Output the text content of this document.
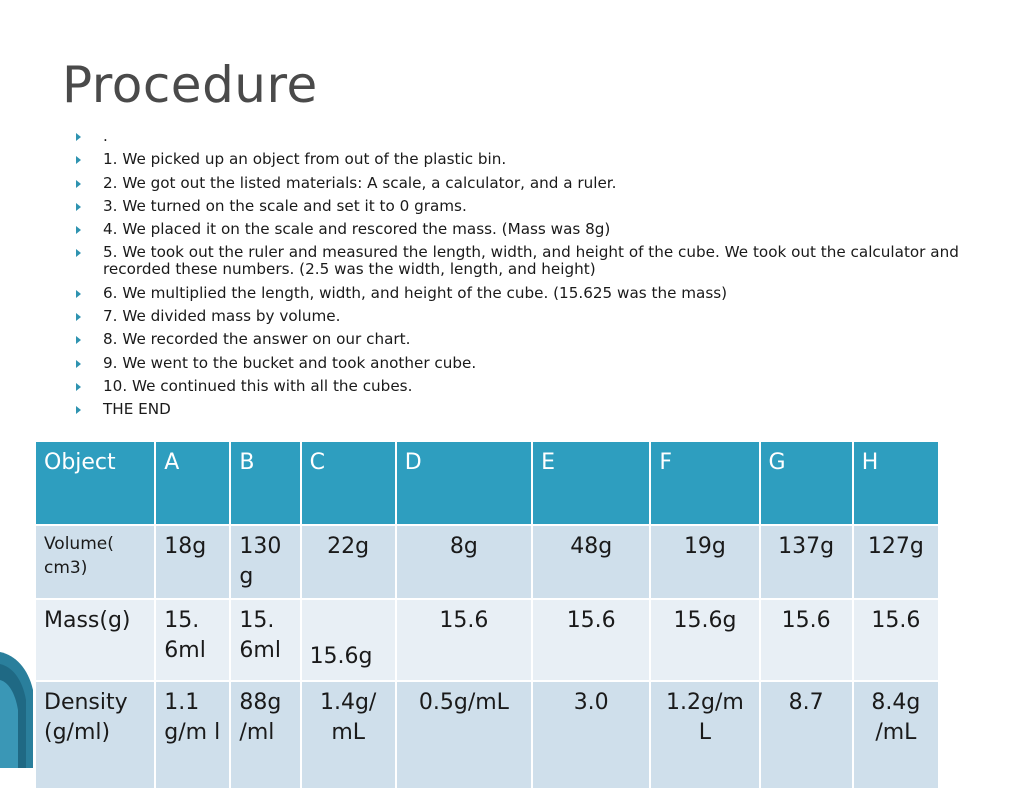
Procedure
.
1. We picked up an object from out of the plastic bin.
2. We got out the listed materials: A scale, a calculator, and a ruler.
3. We turned on the scale and set it to 0 grams.
4. We placed it on the scale and rescored the mass. (Mass was 8g)
5. We took out the ruler and measured the length, width, and height of the cube. We took out the calculator and recorded these numbers. (2.5 was the width, length, and height)
6. We multiplied the length, width, and height of the cube. (15.625 was the mass)
7. We divided mass by volume.
8. We recorded the answer on our chart.
9. We went to the bucket and took another cube.
10. We continued this with all the cubes.
THE END
Object	A	B	C	D	E	F	G	H
Volume( cm3)	18g	130 g	22g	8g	48g	19g	137g	127g
Mass(g)	15. 6ml	15. 6ml	15.6g	15.6	15.6	15.6g	15.6	15.6
Density (g/ml)	1.1 g/m l	88g /ml	1.4g/ mL	0.5g/mL	3.0	1.2g/m L	8.7	8.4g /mL
